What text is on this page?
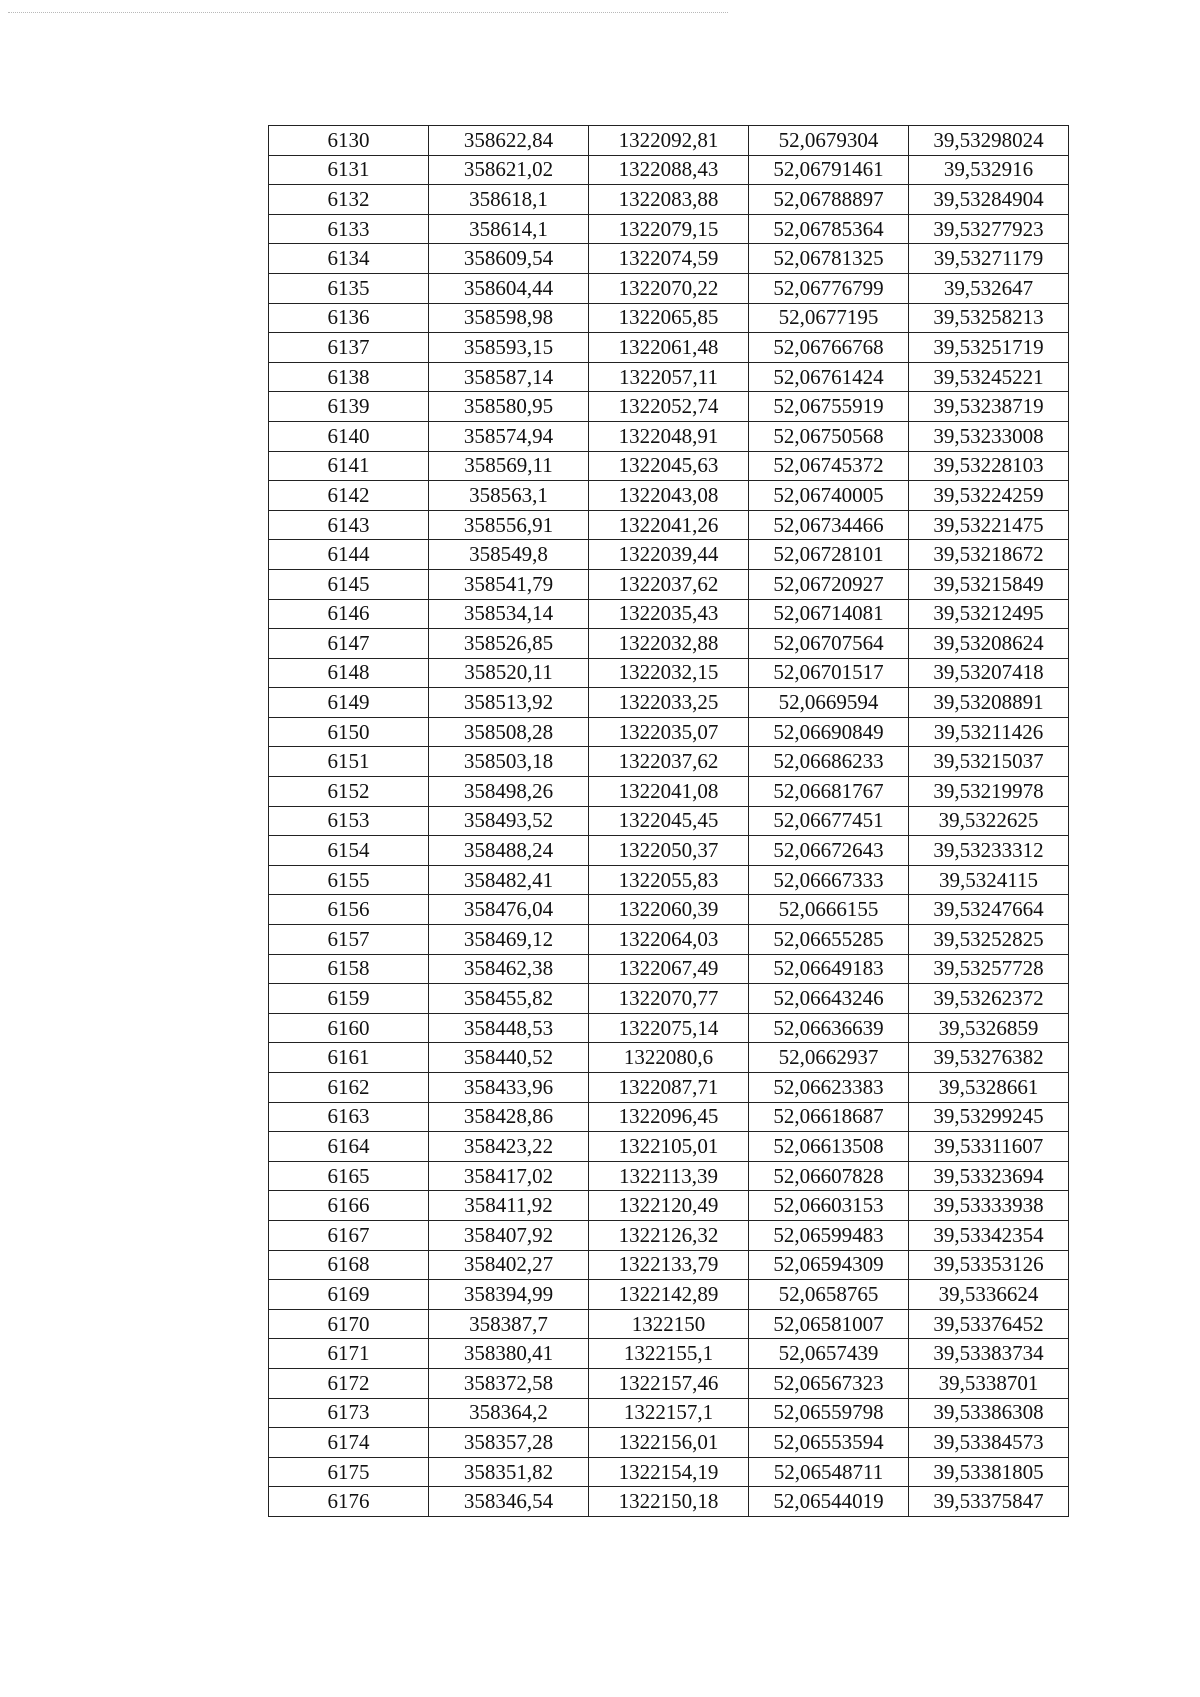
6130	358622,84	1322092,81	52,0679304	39,53298024
6131	358621,02	1322088,43	52,06791461	39,532916
6132	358618,1	1322083,88	52,06788897	39,53284904
6133	358614,1	1322079,15	52,06785364	39,53277923
6134	358609,54	1322074,59	52,06781325	39,53271179
6135	358604,44	1322070,22	52,06776799	39,532647
6136	358598,98	1322065,85	52,0677195	39,53258213
6137	358593,15	1322061,48	52,06766768	39,53251719
6138	358587,14	1322057,11	52,06761424	39,53245221
6139	358580,95	1322052,74	52,06755919	39,53238719
6140	358574,94	1322048,91	52,06750568	39,53233008
6141	358569,11	1322045,63	52,06745372	39,53228103
6142	358563,1	1322043,08	52,06740005	39,53224259
6143	358556,91	1322041,26	52,06734466	39,53221475
6144	358549,8	1322039,44	52,06728101	39,53218672
6145	358541,79	1322037,62	52,06720927	39,53215849
6146	358534,14	1322035,43	52,06714081	39,53212495
6147	358526,85	1322032,88	52,06707564	39,53208624
6148	358520,11	1322032,15	52,06701517	39,53207418
6149	358513,92	1322033,25	52,0669594	39,53208891
6150	358508,28	1322035,07	52,06690849	39,53211426
6151	358503,18	1322037,62	52,06686233	39,53215037
6152	358498,26	1322041,08	52,06681767	39,53219978
6153	358493,52	1322045,45	52,06677451	39,5322625
6154	358488,24	1322050,37	52,06672643	39,53233312
6155	358482,41	1322055,83	52,06667333	39,5324115
6156	358476,04	1322060,39	52,0666155	39,53247664
6157	358469,12	1322064,03	52,06655285	39,53252825
6158	358462,38	1322067,49	52,06649183	39,53257728
6159	358455,82	1322070,77	52,06643246	39,53262372
6160	358448,53	1322075,14	52,06636639	39,5326859
6161	358440,52	1322080,6	52,0662937	39,53276382
6162	358433,96	1322087,71	52,06623383	39,5328661
6163	358428,86	1322096,45	52,06618687	39,53299245
6164	358423,22	1322105,01	52,06613508	39,53311607
6165	358417,02	1322113,39	52,06607828	39,53323694
6166	358411,92	1322120,49	52,06603153	39,53333938
6167	358407,92	1322126,32	52,06599483	39,53342354
6168	358402,27	1322133,79	52,06594309	39,53353126
6169	358394,99	1322142,89	52,0658765	39,5336624
6170	358387,7	1322150	52,06581007	39,53376452
6171	358380,41	1322155,1	52,0657439	39,53383734
6172	358372,58	1322157,46	52,06567323	39,5338701
6173	358364,2	1322157,1	52,06559798	39,53386308
6174	358357,28	1322156,01	52,06553594	39,53384573
6175	358351,82	1322154,19	52,06548711	39,53381805
6176	358346,54	1322150,18	52,06544019	39,53375847
